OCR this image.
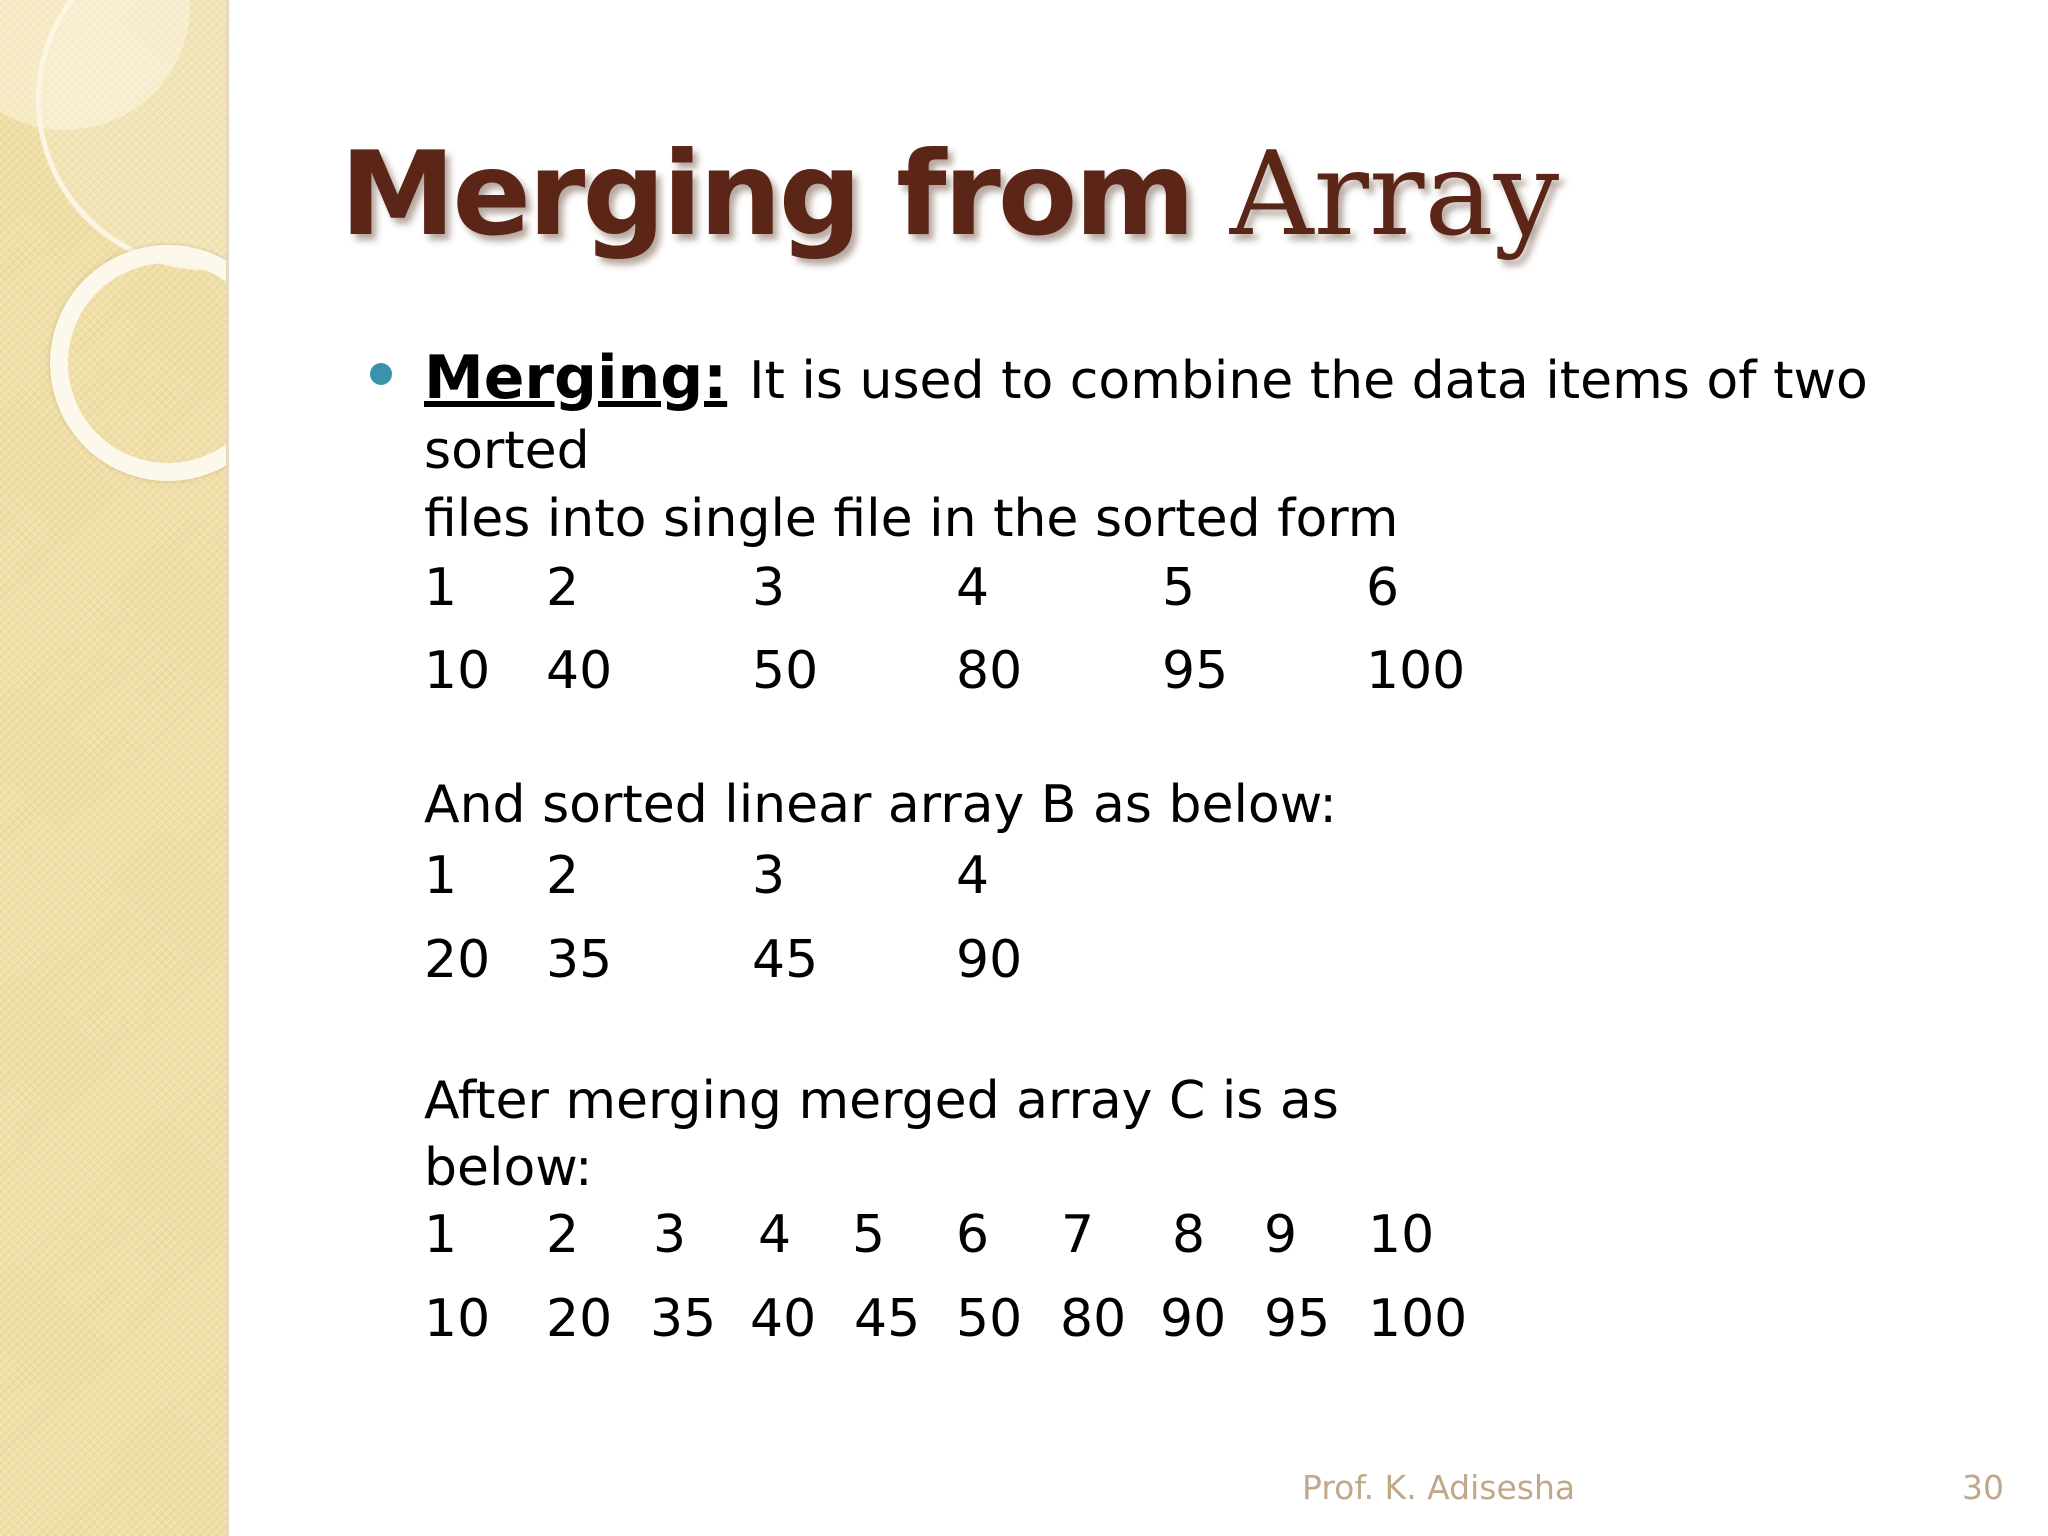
Merging from Array
Merging: It is used to combine the data items of two
sorted
files into single file in the sorted form
1 2	3	4	5	6
10 40	50	80	95	100
And sorted linear array B as below:
1 2	3	4
20 35	45	90
After merging merged array C is as
below:
1 2 3 4 5 6 7 8 9 10
10 20 35 40 45 50 80 90 95 100
Prof. K. Adisesha	30
